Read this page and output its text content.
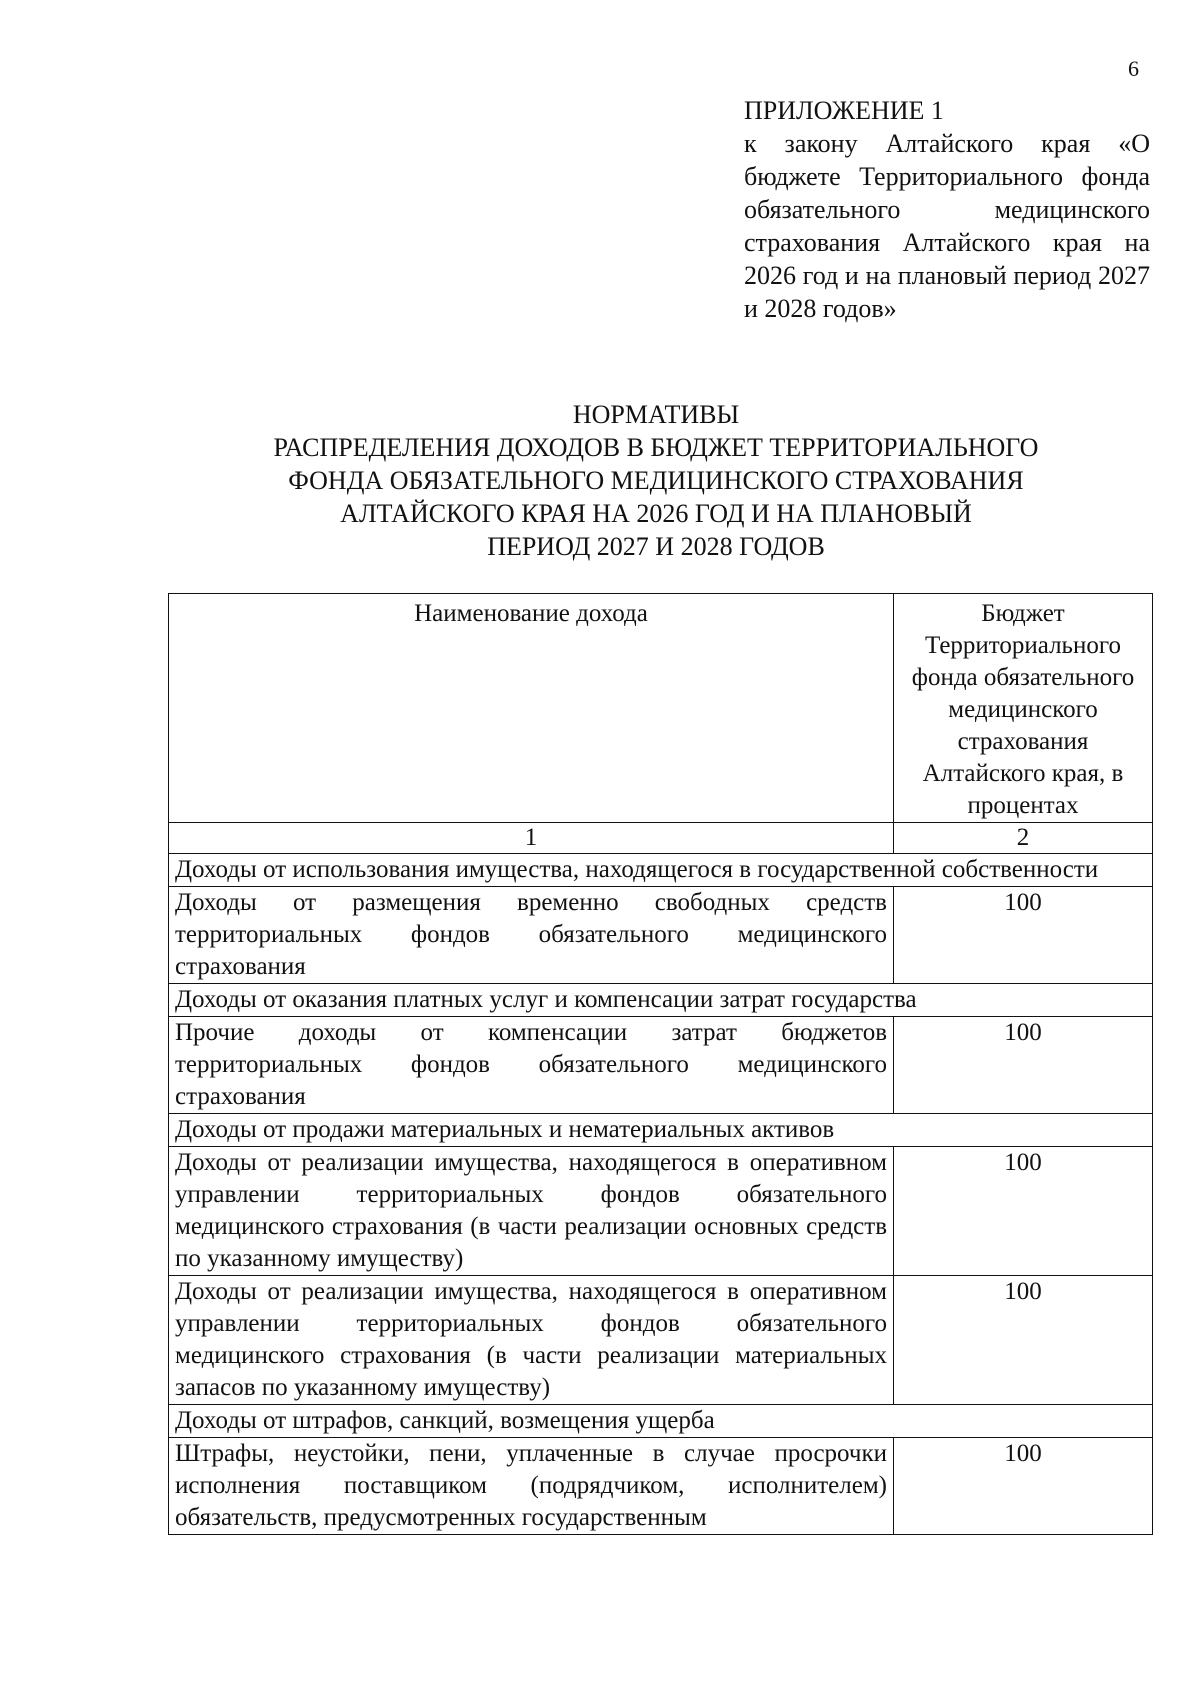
6
ПРИЛОЖЕНИЕ 1
к закону Алтайского края «О бюджете Территориального фонда обязательного медицинского страхования Алтайского края на 2026 год и на плановый период 2027 и 2028 годов»
НОРМАТИВЫ
РАСПРЕДЕЛЕНИЯ ДОХОДОВ В БЮДЖЕТ ТЕРРИТОРИАЛЬНОГО
ФОНДА ОБЯЗАТЕЛЬНОГО МЕДИЦИНСКОГО СТРАХОВАНИЯ
АЛТАЙСКОГО КРАЯ НА 2026 ГОД И НА ПЛАНОВЫЙ
ПЕРИОД 2027 И 2028 ГОДОВ
Наименование дохода	Бюджет Территориального фонда обязательного медицинского страхования Алтайского края, в процентах
1	2
Доходы от использования имущества, находящегося в государственной собственности	
Доходы от размещения временно свободных средств территориальных фондов обязательного медицинского страхования	100
Доходы от оказания платных услуг и компенсации затрат государства	
Прочие доходы от компенсации затрат бюджетов территориальных фондов обязательного медицинского страхования	100
Доходы от продажи материальных и нематериальных активов	
Доходы от реализации имущества, находящегося в оперативном управлении территориальных фондов обязательного медицинского страхования (в части реализации основных средств по указанному имуществу)	100
Доходы от реализации имущества, находящегося в оперативном управлении территориальных фондов обязательного медицинского страхования (в части реализации материальных запасов по указанному имуществу)	100
Доходы от штрафов, санкций, возмещения ущерба	
Штрафы, неустойки, пени, уплаченные в случае просрочки исполнения поставщиком (подрядчиком, исполнителем) обязательств, предусмотренных государственным	100
